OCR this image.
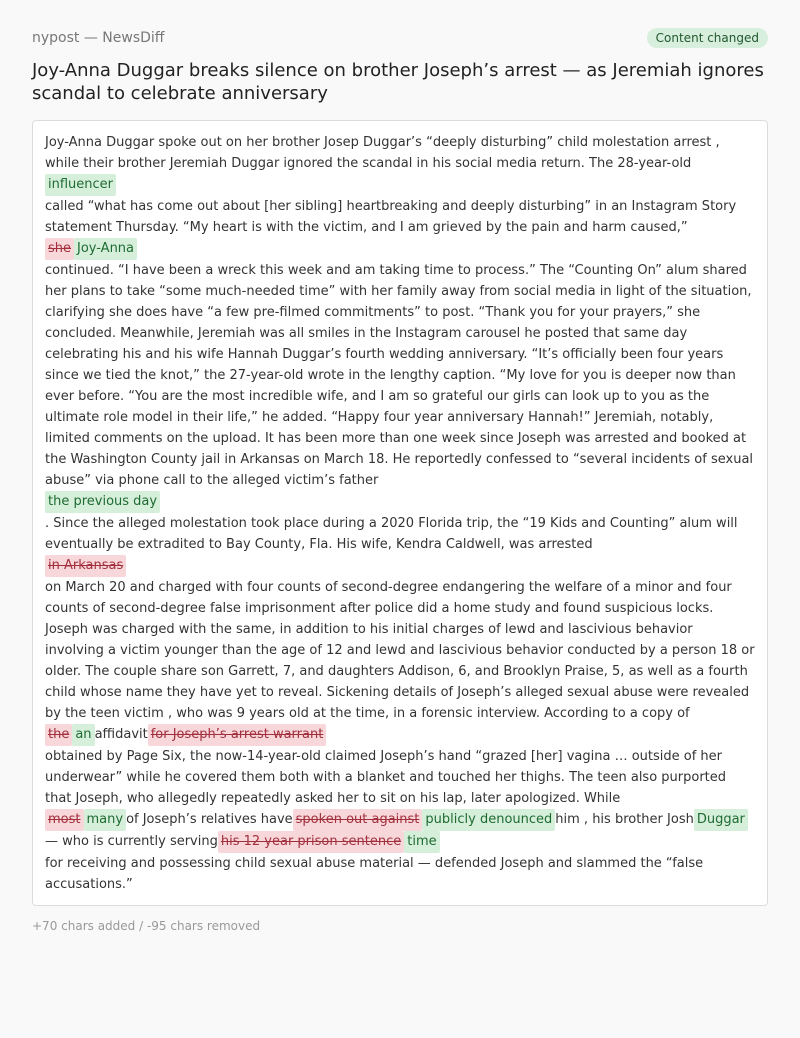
nypost — NewsDiff	Content changed
Joy-Anna Duggar breaks silence on brother Joseph’s arrest — as Jeremiah ignores scandal to celebrate anniversary
Joy-Anna Duggar spoke out on her brother Josep Duggar’s “deeply disturbing” child molestation arrest , while their brother Jeremiah Duggar ignored the scandal in his social media return. The 28-year-old
influencer
called “what has come out about [her sibling] heartbreaking and deeply disturbing” in an Instagram Story statement Thursday. “My heart is with the victim, and I am grieved by the pain and harm caused,”
she Joy-Anna
continued. “I have been a wreck this week and am taking time to process.” The “Counting On” alum shared her plans to take “some much-needed time” with her family away from social media in light of the situation, clarifying she does have “a few pre-filmed commitments” to post. “Thank you for your prayers,” she concluded. Meanwhile, Jeremiah was all smiles in the Instagram carousel he posted that same day celebrating his and his wife Hannah Duggar’s fourth wedding anniversary. “It’s officially been four years since we tied the knot,” the 27-year-old wrote in the lengthy caption. “My love for you is deeper now than ever before. “You are the most incredible wife, and I am so grateful our girls can look up to you as the ultimate role model in their life,” he added. “Happy four year anniversary Hannah!” Jeremiah, notably, limited comments on the upload. It has been more than one week since Joseph was arrested and booked at the Washington County jail in Arkansas on March 18. He reportedly confessed to “several incidents of sexual abuse” via phone call to the alleged victim’s father
the previous day
. Since the alleged molestation took place during a 2020 Florida trip, the “19 Kids and Counting” alum will eventually be extradited to Bay County, Fla. His wife, Kendra Caldwell, was arrested
in Arkansas
on March 20 and charged with four counts of second-degree endangering the welfare of a minor and four counts of second-degree false imprisonment after police did a home study and found suspicious locks. Joseph was charged with the same, in addition to his initial charges of lewd and lascivious behavior involving a victim younger than the age of 12 and lewd and lascivious behavior conducted by a person 18 or older. The couple share son Garrett, 7, and daughters Addison, 6, and Brooklyn Praise, 5, as well as a fourth child whose name they have yet to reveal. Sickening details of Joseph’s alleged sexual abuse were revealed by the teen victim , who was 9 years old at the time, in a forensic interview. According to a copy of
the an affidavit for Joseph’s arrest warrant
obtained by Page Six, the now-14-year-old claimed Joseph’s hand “grazed [her] vagina … outside of her underwear” while he covered them both with a blanket and touched her thighs. The teen also purported that Joseph, who allegedly repeatedly asked her to sit on his lap, later apologized. While
most many of Joseph’s relatives have spoken out against publicly denounced him , his brother Josh Duggar
— who is currently serving his 12 year prison sentence time
for receiving and possessing child sexual abuse material — defended Joseph and slammed the “false accusations.”
+70 chars added / -95 chars removed
